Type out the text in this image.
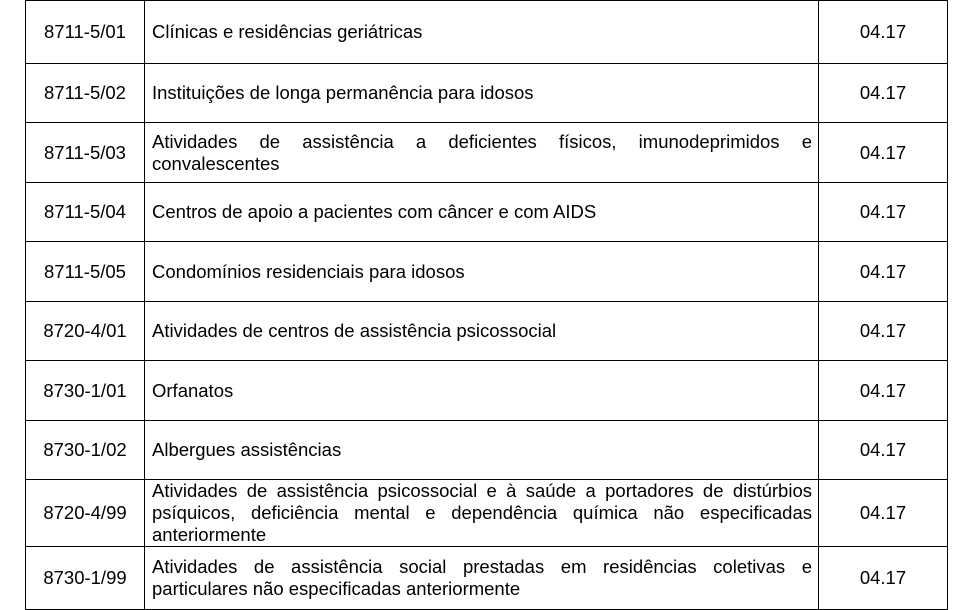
8711-5/01	Clínicas e residências geriátricas	04.17
8711-5/02	Instituições de longa permanência para idosos	04.17
8711-5/03	Atividades de assistência a deficientes físicos, imunodeprimidos e convalescentes	04.17
8711-5/04	Centros de apoio a pacientes com câncer e com AIDS	04.17
8711-5/05	Condomínios residenciais para idosos	04.17
8720-4/01	Atividades de centros de assistência psicossocial	04.17
8730-1/01	Orfanatos	04.17
8730-1/02	Albergues assistências	04.17
8720-4/99	Atividades de assistência psicossocial e à saúde a portadores de distúrbios psíquicos, deficiência mental e dependência química não especificadas anteriormente	04.17
8730-1/99	Atividades de assistência social prestadas em residências coletivas e particulares não especificadas anteriormente	04.17
